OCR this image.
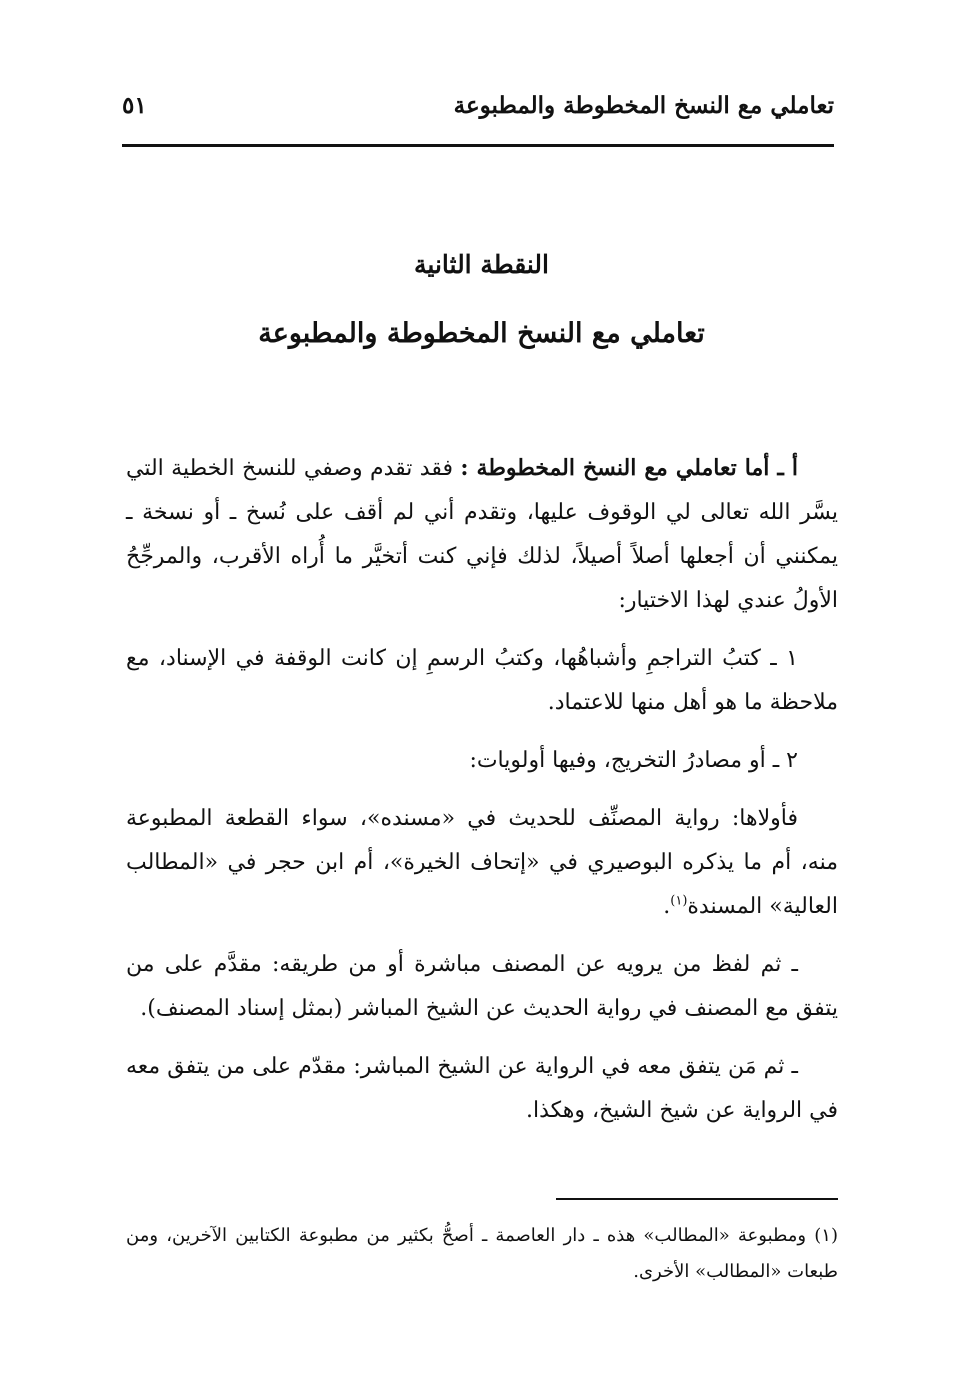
تعاملي مع النسخ المخطوطة والمطبوعة
٥١
النقطة الثانية
تعاملي مع النسخ المخطوطة والمطبوعة

أ ـ أما تعاملي مع النسخ المخطوطة : فقد تقدم وصفي للنسخ الخطية التي يسَّر الله تعالى لي الوقوف عليها، وتقدم أني لم أقف على نُسخ ـ أو نسخة ـ يمكنني أن أجعلها أصلاً أصيلاً، لذلك فإني كنت أتخيَّر ما أُراه الأقرب، والمرجِّحُ الأولُ عندي لهذا الاختيار:

١ ـ كتبُ التراجمِ وأشباهُها، وكتبُ الرسمِ إن كانت الوقفة في الإسناد، مع ملاحظة ما هو أهل منها للاعتماد.

٢ ـ أو مصادرُ التخريج، وفيها أولويات:

فأولاها: رواية المصنِّف للحديث في «مسنده»، سواء القطعة المطبوعة منه، أم ما يذكره البوصيري في «إتحاف الخيرة»، أم ابن حجر في «المطالب العالية» المسندة$^{(١)}$.

ـ ثم لفظ من يرويه عن المصنف مباشرة أو من طريقه: مقدَّم على من يتفق مع المصنف في رواية الحديث عن الشيخ المباشر (بمثل إسناد المصنف).

ـ ثم مَن يتفق معه في الرواية عن الشيخ المباشر: مقدّم على من يتفق معه في الرواية عن شيخ الشيخ، وهكذا.

(١) ومطبوعة «المطالب» هذه ـ دار العاصمة ـ أصحُّ بكثير من مطبوعة الكتابين الآخرين، ومن طبعات «المطالب» الأخرى.
